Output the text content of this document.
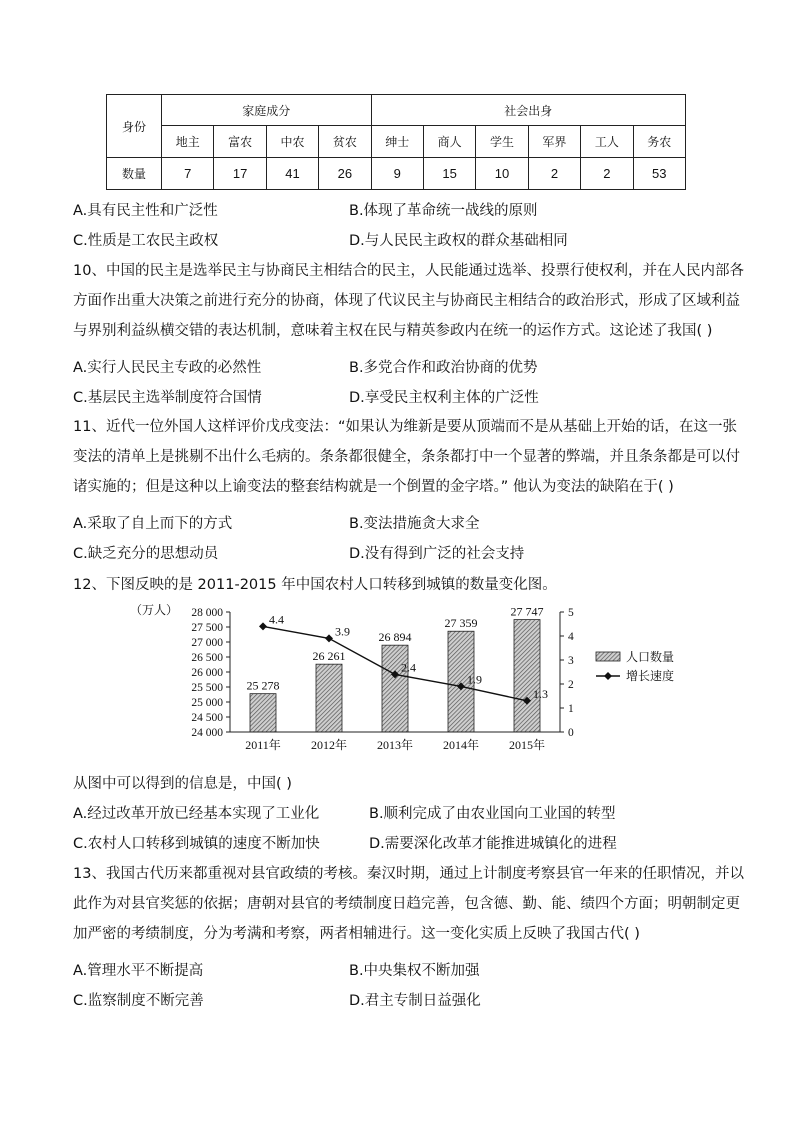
身份	家庭成分				社会出身					
	地主	富农	中农	贫农	绅士	商人	学生	军界	工人	务农
数量	7	17	41	26	9	15	10	2	2	53
A.具有民主性和广泛性	B.体现了革命统一战线的原则
C.性质是工农民主政权	D.与人民民主政权的群众基础相同
10、中国的民主是选举民主与协商民主相结合的民主，人民能通过选举、投票行使权利，并在人民内部各
方面作出重大决策之前进行充分的协商，体现了代议民主与协商民主相结合的政治形式，形成了区域利益
与界别利益纵横交错的表达机制，意味着主权在民与精英参政内在统一的运作方式。这论述了我国( )
A.实行人民民主专政的必然性	B.多党合作和政治协商的优势
C.基层民主选举制度符合国情	D.享受民主权利主体的广泛性
11、近代一位外国人这样评价戊戌变法：“如果认为维新是要从顶端而不是从基础上开始的话，在这一张
变法的清单上是挑剔不出什么毛病的。条条都很健全，条条都打中一个显著的弊端，并且条条都是可以付
诸实施的；但是这种以上谕变法的整套结构就是一个倒置的金字塔。” 他认为变法的缺陷在于( )
A.采取了自上而下的方式	B.变法措施贪大求全
C.缺乏充分的思想动员	D.没有得到广泛的社会支持
12、下图反映的是 2011-2015 年中国农村人口转移到城镇的数量变化图。
（万人）
24 000
24 500
25 000
25 500
26 000
26 500
27 000
27 500
28 000
0
1
2
3
4
5
25 278
26 261
26 894
27 359
27 747
4.4
3.9
2.4
1.9
1.3
2011年	2012年 2013年 2014年 2015年
人口数量
增长速度
从图中可以得到的信息是，中国( )
A.经过改革开放已经基本实现了工业化	B.顺利完成了由农业国向工业国的转型
C.农村人口转移到城镇的速度不断加快	D.需要深化改革才能推进城镇化的进程
13、我国古代历来都重视对县官政绩的考核。秦汉时期，通过上计制度考察县官一年来的任职情况，并以
此作为对县官奖惩的依据；唐朝对县官的考绩制度日趋完善，包含德、勤、能、绩四个方面；明朝制定更
加严密的考绩制度，分为考满和考察，两者相辅进行。这一变化实质上反映了我国古代( )
A.管理水平不断提高	B.中央集权不断加强
C.监察制度不断完善	D.君主专制日益强化
